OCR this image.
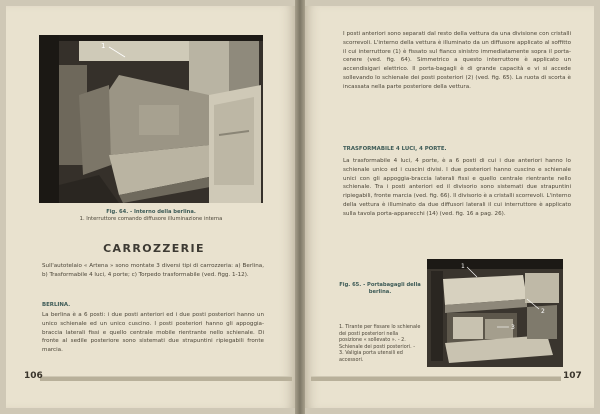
1
Fig. 64. - Interno della berlina.
1. Interruttore comando diffusore illuminazione interna
CARROZZERIE
Sull'autotelaio « Artena » sono montate 3 diversi tipi di carrozzeria: a) Berlina, b) Trasformabile 4 luci, 4 porte; c) Torpedo trasformabile (ved. figg. 1-12).
BERLINA.
La berlina è a 6 posti: i due posti anteriori ed i due posti posteriori hanno un unico schienale ed un unico cuscino. I posti posteriori hanno gli appoggia-braccia laterali fissi e quello centrale mobile rientrante nello schienale. Di fronte al sedile posteriore sono sistemati due strapuntini ripiegabili fronte marcia.
106
I posti anteriori sono separati dal resto della vettura da una divisione con cristalli scorrevoli. L'interno della vettura è illuminato da un diffusore applicato al soffitto il cui interruttore (1) è fissato sul fianco sinistro immediatamente sopra il porta-cenere (ved. fig. 64). Simmetrico a questo interruttore è applicato un accendisigari elettrico. Il porta-bagagli è di grande capacità e vi si accede sollevando lo schienale dei posti posteriori (2) (ved. fig. 65). La ruota di scorta è incassata nella parte posteriore della vettura.
TRASFORMABILE 4 LUCI, 4 PORTE.
La trasformabile 4 luci, 4 porte, è a 6 posti di cui i due anteriori hanno lo schienale unico ed i cuscini divisi. I due posteriori hanno cuscino e schienale unici con gli appoggia-braccia laterali fissi e quello centrale rientrante nello schienale. Tra i posti anteriori ed il divisorio sono sistemati due strapuntini ripiegabili, fronte marcia (ved. fig. 66). Il divisorio è a cristalli scorrevoli. L'interno della vettura è illuminato da due diffusori laterali il cui interruttore è applicato sulla tavola porta-apparecchi (14) (ved. fig. 16 a pag. 26).
Fig. 65. - Portabagagli della berlina.
1. Tirante per fissare lo schienale dei posti posteriori nella posizione « sollevato ». - 2. Schienale dei posti posteriori. - 3. Valigia porta utensili ed accessori.
1
2
3
107
